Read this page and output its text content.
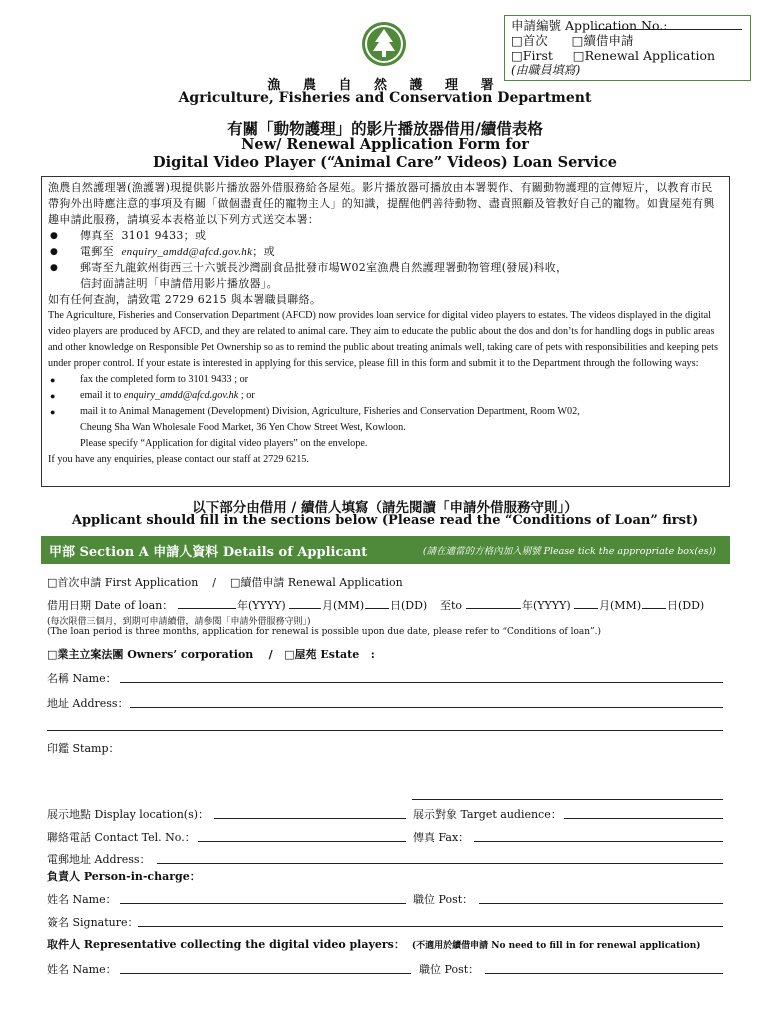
申請編號 Application No.:
□首次 □續借申請
□First □Renewal Application
(由職員填寫)
漁 農 自 然 護 理 署
Agriculture, Fisheries and Conservation Department
有關「動物護理」的影片播放器借用/續借表格
New/ Renewal Application Form for
Digital Video Player (“Animal Care” Videos) Loan Service
漁農自然護理署(漁護署)現提供影片播放器外借服務給各屋苑。影片播放器可播放由本署製作、有關動物護理的宣傳短片，以教育市民帶狗外出時應注意的事項及有關「做個盡責任的寵物主人」的知識，提醒他們善待動物、盡責照顧及管教好自己的寵物。如貴屋苑有興趣申請此服務，請填妥本表格並以下列方式送交本署：
● 傳真至 3101 9433；或
● 電郵至 enquiry_amdd@afcd.gov.hk；或
● 郵寄至九龍欽州街西三十六號長沙灣副食品批發市場W02室漁農自然護理署動物管理(發展)科收，
信封面請註明「申請借用影片播放器」。
如有任何查詢，請致電 2729 6215 與本署職員聯絡。
The Agriculture, Fisheries and Conservation Department (AFCD) now provides loan service for digital video players to estates. The videos displayed in the digital video players are produced by AFCD, and they are related to animal care. They aim to educate the public about the dos and don’ts for handling dogs in public areas and other knowledge on Responsible Pet Ownership so as to remind the public about treating animals well, taking care of pets with responsibilities and keeping pets under proper control. If your estate is interested in applying for this service, please fill in this form and submit it to the Department through the following ways:
● fax the completed form to 3101 9433 ; or
● email it to enquiry_amdd@afcd.gov.hk ; or
● mail it to Animal Management (Development) Division, Agriculture, Fisheries and Conservation Department, Room W02,
Cheung Sha Wan Wholesale Food Market, 36 Yen Chow Street West, Kowloon.
Please specify “Application for digital video players” on the envelope.
If you have any enquiries, please contact our staff at 2729 6215.
以下部分由借用 / 續借人填寫（請先閱讀「申請外借服務守則」）
Applicant should fill in the sections below (Please read the “Conditions of Loan” first)
甲部 Section A 申請人資料 Details of Applicant	(請在適當的方格內加入剔號 Please tick the appropriate box(es))
□首次申請 First Application / □續借申請 Renewal Application
借用日期 Date of loan：	年(YYYY)	月(MM) 日(DD) 至to	年(YYYY)	月(MM) 日(DD)
(每次限借三個月，到期可申請續借，請參閱「申請外借服務守則」)
(The loan period is three months, application for renewal is possible upon due date, please refer to “Conditions of loan”.)
□業主立案法團 Owners’ corporation / □屋苑 Estate :
名稱 Name：
地址 Address：
印鑑 Stamp：
展示地點 Display location(s)：	展示對象 Target audience：
聯絡電話 Contact Tel. No.：	傳真 Fax：
電郵地址 Address：
負責人 Person-in-charge：
姓名 Name：	職位 Post：
簽名 Signature：
取件人 Representative collecting the digital video players： (不適用於續借申請 No need to fill in for renewal application)
姓名 Name：	職位 Post：
